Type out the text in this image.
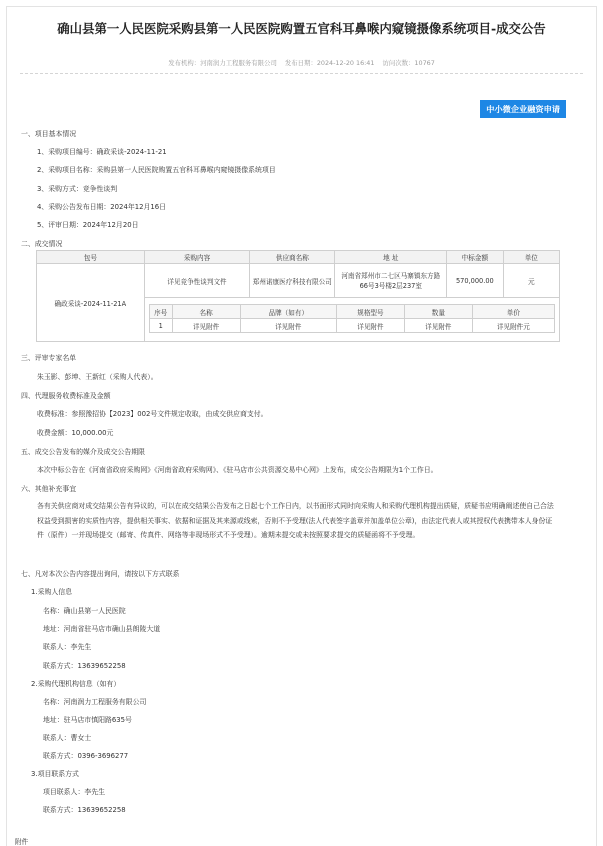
确山县第一人民医院采购县第一人民医院购置五官科耳鼻喉内窥镜摄像系统项目-成交公告
发布机构：河南润力工程服务有限公司 发布日期：2024-12-20 16:41 访问次数：10767
中小微企业融资申请
一、项目基本情况
1、采购项目编号：确政采谈-2024-11-21
2、采购项目名称：采购县第一人民医院购置五官科耳鼻喉内窥镜摄像系统项目
3、采购方式：竞争性谈判
4、采购公告发布日期：2024年12月16日
5、评审日期：2024年12月20日
二、成交情况
包号	采购内容	供应商名称	地 址	中标金额	单位
确政采谈-2024-11-21A	详见竞争性谈判文件	郑州诺康医疗科技有限公司	河南省郑州市二七区马寨镇东方路66号3号楼2层237室	570,000.00	元

序号	名称	品牌（如有）	规格型号	数量	单价
1	详见附件	详见附件	详见附件	详见附件	详见附件元
三、评审专家名单
朱玉影、彭坤、王新红（采购人代表）。
四、代理服务收费标准及金额
收费标准：参照豫招协【2023】002号文件规定收取，由成交供应商支付。
收费金额：10,000.00元
五、成交公告发布的媒介及成交公告期限
本次中标公告在《河南省政府采购网》《河南省政府采购网》、《驻马店市公共资源交易中心网》上发布，成交公告期限为1个工作日。
六、其他补充事宜
各有关供应商对成交结果公告有异议的，可以在成交结果公告发布之日起七个工作日内，以书面形式同时向采购人和采购代理机构提出质疑，质疑书应明确阐述使自己合法权益受到损害的实质性内容，提供相关事实、依据和证据及其来源或线索，否则不予受理(法人代表签字盖章并加盖单位公章)，由法定代表人或其授权代表携带本人身份证件（原件）一并现场提交（邮寄、传真件、网络等非现场形式不予受理）。逾期未提交或未按照要求提交的质疑函将不予受理。
七、凡对本次公告内容提出询问，请按以下方式联系
1.采购人信息
名称：确山县第一人民医院
地址：河南省驻马店市确山县朗陵大道
联系人：李先生
联系方式：13639652258
2.采购代理机构信息（如有）
名称：河南润力工程服务有限公司
地址：驻马店市慎阳路635号
联系人：曹女士
联系方式：0396-3696277
3.项目联系方式
项目联系人：李先生
联系方式：13639652258
附件
